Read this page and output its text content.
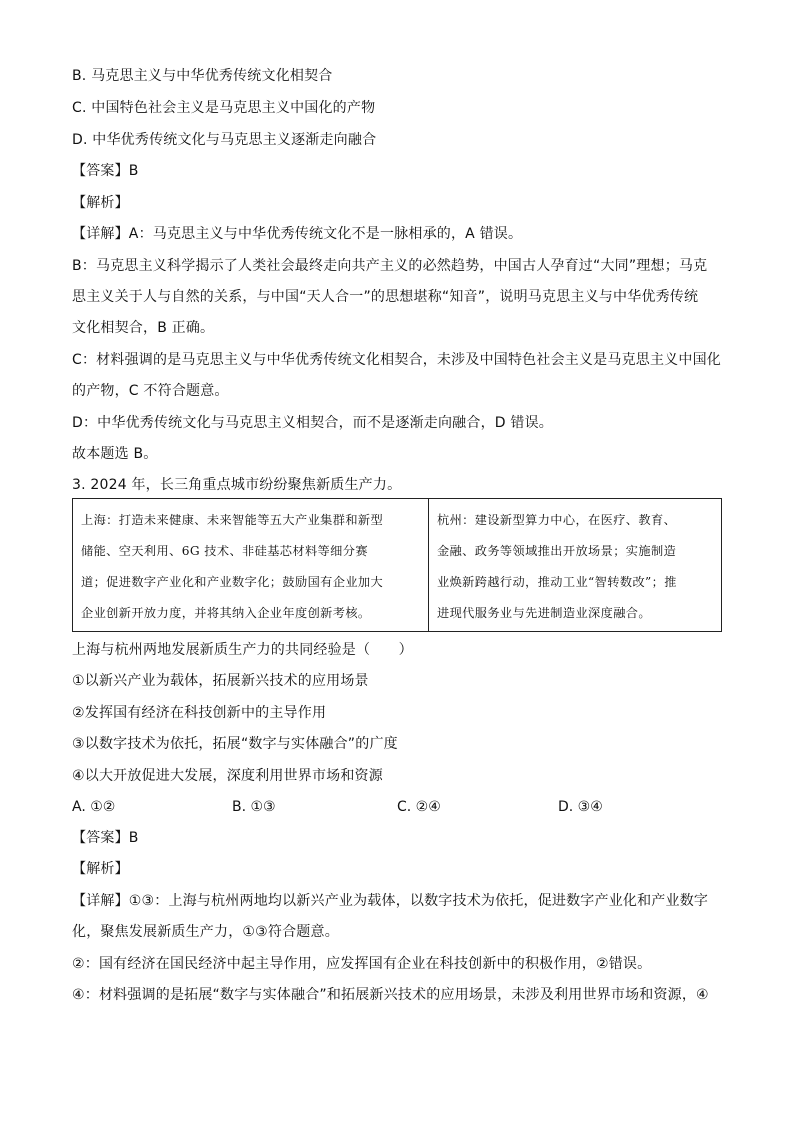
B. 马克思主义与中华优秀传统文化相契合
C. 中国特色社会主义是马克思主义中国化的产物
D. 中华优秀传统文化与马克思主义逐渐走向融合
【答案】B
【解析】
【详解】A：马克思主义与中华优秀传统文化不是一脉相承的，A 错误。
B：马克思主义科学揭示了人类社会最终走向共产主义的必然趋势，中国古人孕育过“大同”理想；马克
思主义关于人与自然的关系，与中国“天人合一”的思想堪称“知音”，说明马克思主义与中华优秀传统
文化相契合，B 正确。
C：材料强调的是马克思主义与中华优秀传统文化相契合，未涉及中国特色社会主义是马克思主义中国化
的产物，C 不符合题意。
D：中华优秀传统文化与马克思主义相契合，而不是逐渐走向融合，D 错误。
故本题选 B。
3. 2024 年，长三角重点城市纷纷聚焦新质生产力。
上海：打造未来健康、未来智能等五大产业集群和新型
储能、空天利用、6G 技术、非硅基芯材料等细分赛
道；促进数字产业化和产业数字化；鼓励国有企业加大
企业创新开放力度，并将其纳入企业年度创新考核。
杭州：建设新型算力中心，在医疗、教育、
金融、政务等领域推出开放场景；实施制造
业焕新跨越行动，推动工业“智转数改”；推
进现代服务业与先进制造业深度融合。
上海与杭州两地发展新质生产力的共同经验是（　　）
①以新兴产业为载体，拓展新兴技术的应用场景
②发挥国有经济在科技创新中的主导作用
③以数字技术为依托，拓展“数字与实体融合”的广度
④以大开放促进大发展，深度利用世界市场和资源
A. ①②	B. ①③	C. ②④	D. ③④
【答案】B
【解析】
【详解】①③：上海与杭州两地均以新兴产业为载体，以数字技术为依托，促进数字产业化和产业数字
化，聚焦发展新质生产力，①③符合题意。
②：国有经济在国民经济中起主导作用，应发挥国有企业在科技创新中的积极作用，②错误。
④：材料强调的是拓展“数字与实体融合”和拓展新兴技术的应用场景，未涉及利用世界市场和资源，④
